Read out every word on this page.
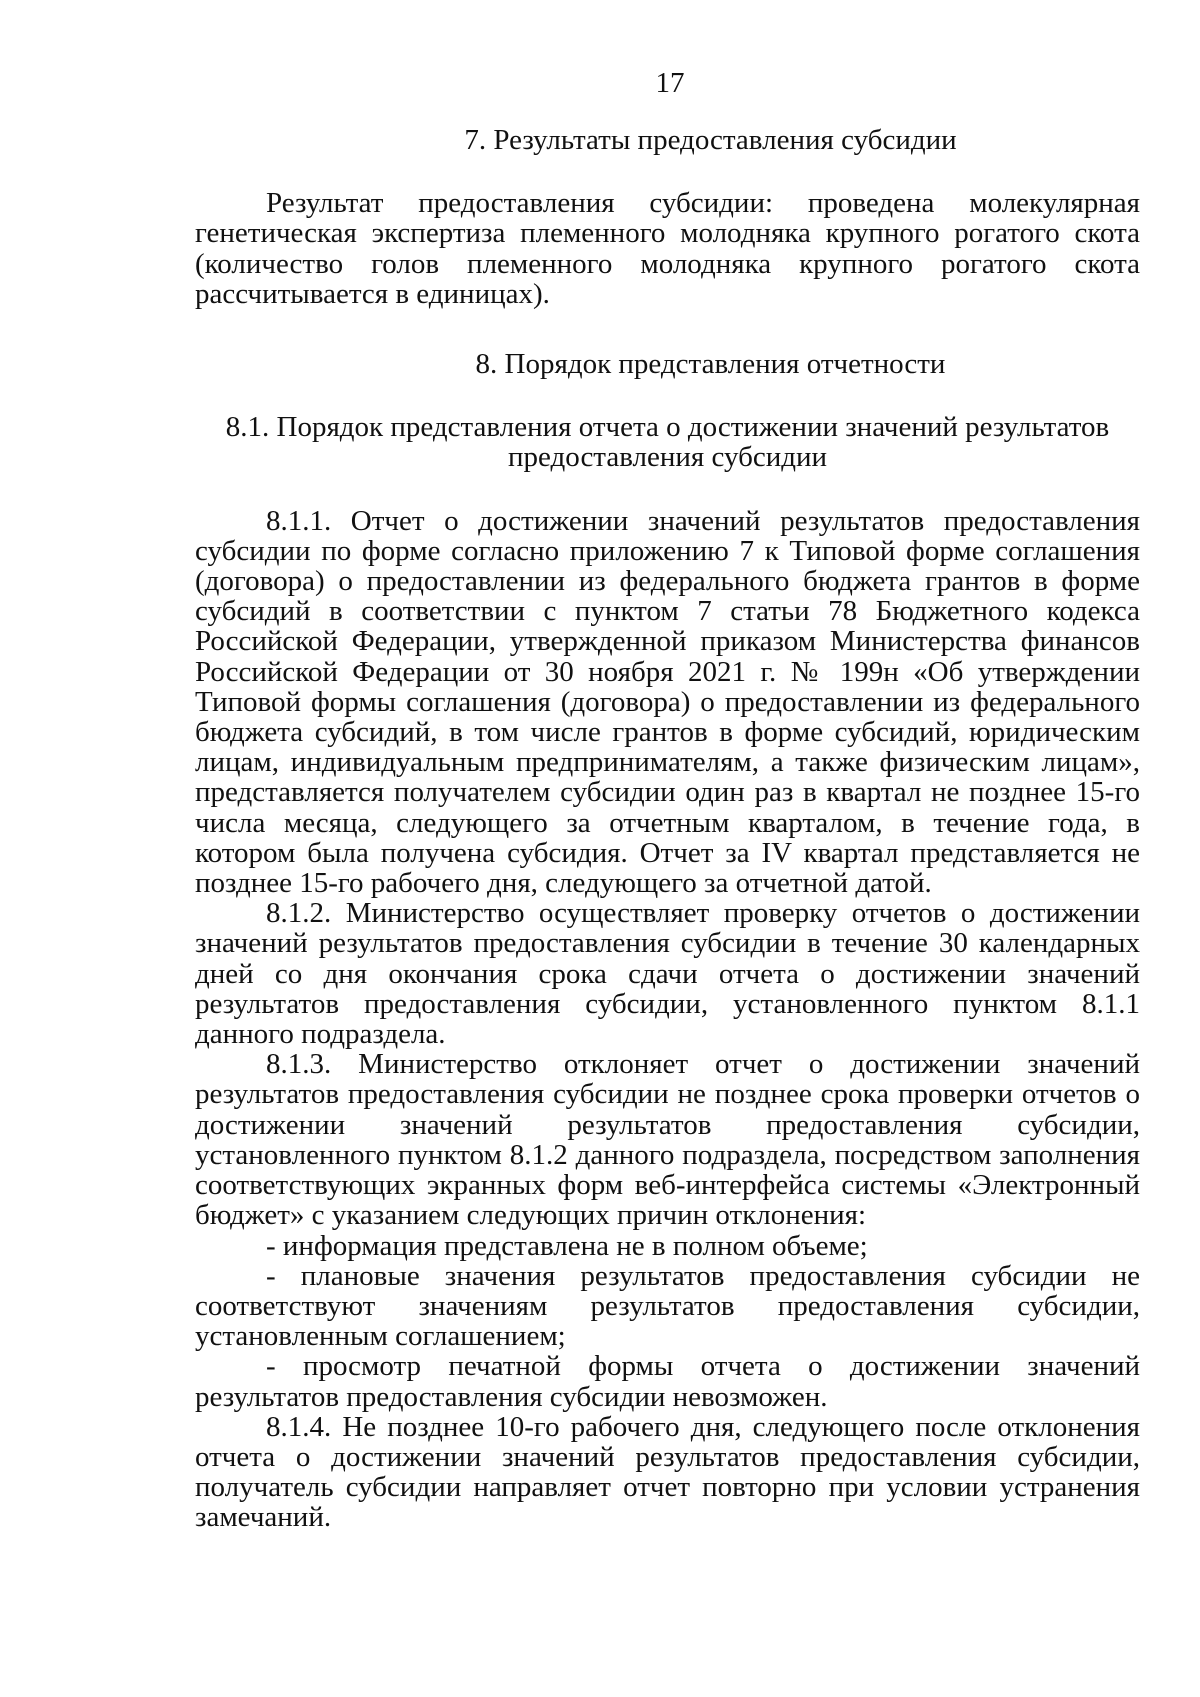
17
7. Результаты предоставления субсидии

Результат предоставления субсидии: проведена молекулярная генетическая экспертиза племенного молодняка крупного рогатого скота (количество голов племенного молодняка крупного рогатого скота рассчитывается в единицах).

8. Порядок представления отчетности
8.1. Порядок представления отчета о достижении значений результатов предоставления субсидии

8.1.1. Отчет о достижении значений результатов предоставления субсидии по форме согласно приложению 7 к Типовой форме соглашения (договора) о предоставлении из федерального бюджета грантов в форме субсидий в соответствии с пунктом 7 статьи 78 Бюджетного кодекса Российской Федерации, утвержденной приказом Министерства финансов Российской Федерации от 30 ноября 2021 г. № 199н «Об утверждении Типовой формы соглашения (договора) о предоставлении из федерального бюджета субсидий, в том числе грантов в форме субсидий, юридическим лицам, индивидуальным предпринимателям, а также физическим лицам», представляется получателем субсидии один раз в квартал не позднее 15-го числа месяца, следующего за отчетным кварталом, в течение года, в котором была получена субсидия. Отчет за IV квартал представляется не позднее 15-го рабочего дня, следующего за отчетной датой.

8.1.2. Министерство осуществляет проверку отчетов о достижении значений результатов предоставления субсидии в течение 30 календарных дней со дня окончания срока сдачи отчета о достижении значений результатов предоставления субсидии, установленного пунктом 8.1.1 данного подраздела.

8.1.3. Министерство отклоняет отчет о достижении значений результатов предоставления субсидии не позднее срока проверки отчетов о достижении значений результатов предоставления субсидии, установленного пунктом 8.1.2 данного подраздела, посредством заполнения соответствующих экранных форм веб-интерфейса системы «Электронный бюджет» с указанием следующих причин отклонения:

- информация представлена не в полном объеме;

- плановые значения результатов предоставления субсидии не соответствуют значениям результатов предоставления субсидии, установленным соглашением;

- просмотр печатной формы отчета о достижении значений результатов предоставления субсидии невозможен.

8.1.4. Не позднее 10-го рабочего дня, следующего после отклонения отчета о достижении значений результатов предоставления субсидии, получатель субсидии направляет отчет повторно при условии устранения замечаний.
